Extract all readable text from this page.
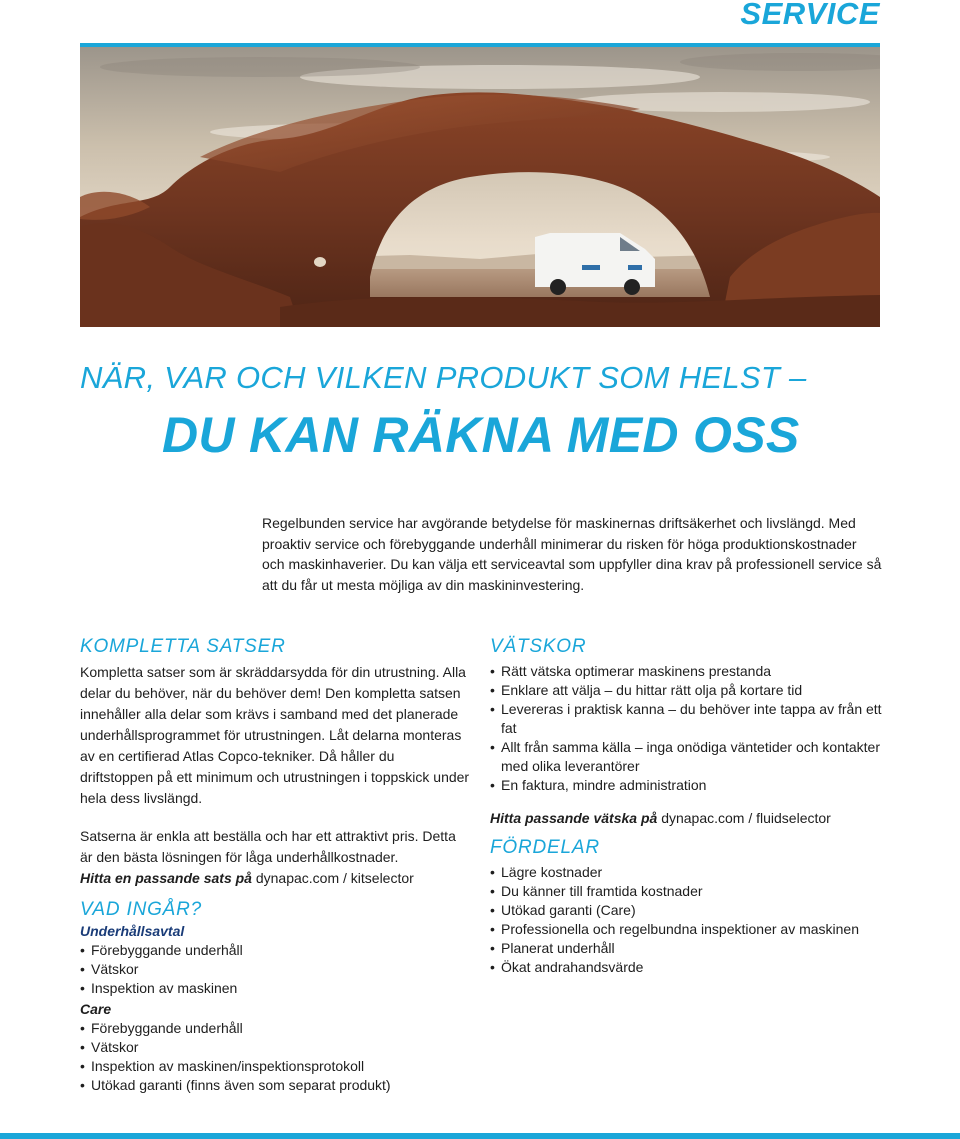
SERVICE
NÄR, VAR OCH VILKEN PRODUKT SOM HELST –
DU KAN RÄKNA MED OSS

Regelbunden service har avgörande betydelse för maskinernas driftsäkerhet och livslängd. Med proaktiv service och förebyggande underhåll minimerar du risken för höga produktionskostnader och maskinhaverier. Du kan välja ett serviceavtal som uppfyller dina krav på professionell service så att du får ut mesta möjliga av din maskininvestering.

KOMPLETTA SATSER

Kompletta satser som är skräddarsydda för din utrustning. Alla delar du behöver, när du behöver dem! Den kompletta satsen innehåller alla delar som krävs i samband med det planerade underhållsprogrammet för utrustningen. Låt delarna monteras av en certifierad Atlas Copco-tekniker. Då håller du driftstoppen på ett minimum och utrustningen i toppskick under hela dess livslängd.

Satserna är enkla att beställa och har ett attraktivt pris. Detta är den bästa lösningen för låga underhållkostnader.
Hitta en passande sats på dynapac.com / kitselector

VAD INGÅR?
Underhållsavtal
• Förebyggande underhåll
• Vätskor
• Inspektion av maskinen
Care
• Förebyggande underhåll
• Vätskor
• Inspektion av maskinen/inspektionsprotokoll
• Utökad garanti (finns även som separat produkt)
VÄTSKOR
• Rätt vätska optimerar maskinens prestanda
• Enklare att välja – du hittar rätt olja på kortare tid
• Levereras i praktisk kanna – du behöver inte tappa av från ett fat
• Allt från samma källa – inga onödiga väntetider och kontakter med olika leverantörer
• En faktura, mindre administration

Hitta passande vätska på dynapac.com / fluidselector

FÖRDELAR
• Lägre kostnader
• Du känner till framtida kostnader
• Utökad garanti (Care)
• Professionella och regelbundna inspektioner av maskinen
• Planerat underhåll
• Ökat andrahandsvärde
